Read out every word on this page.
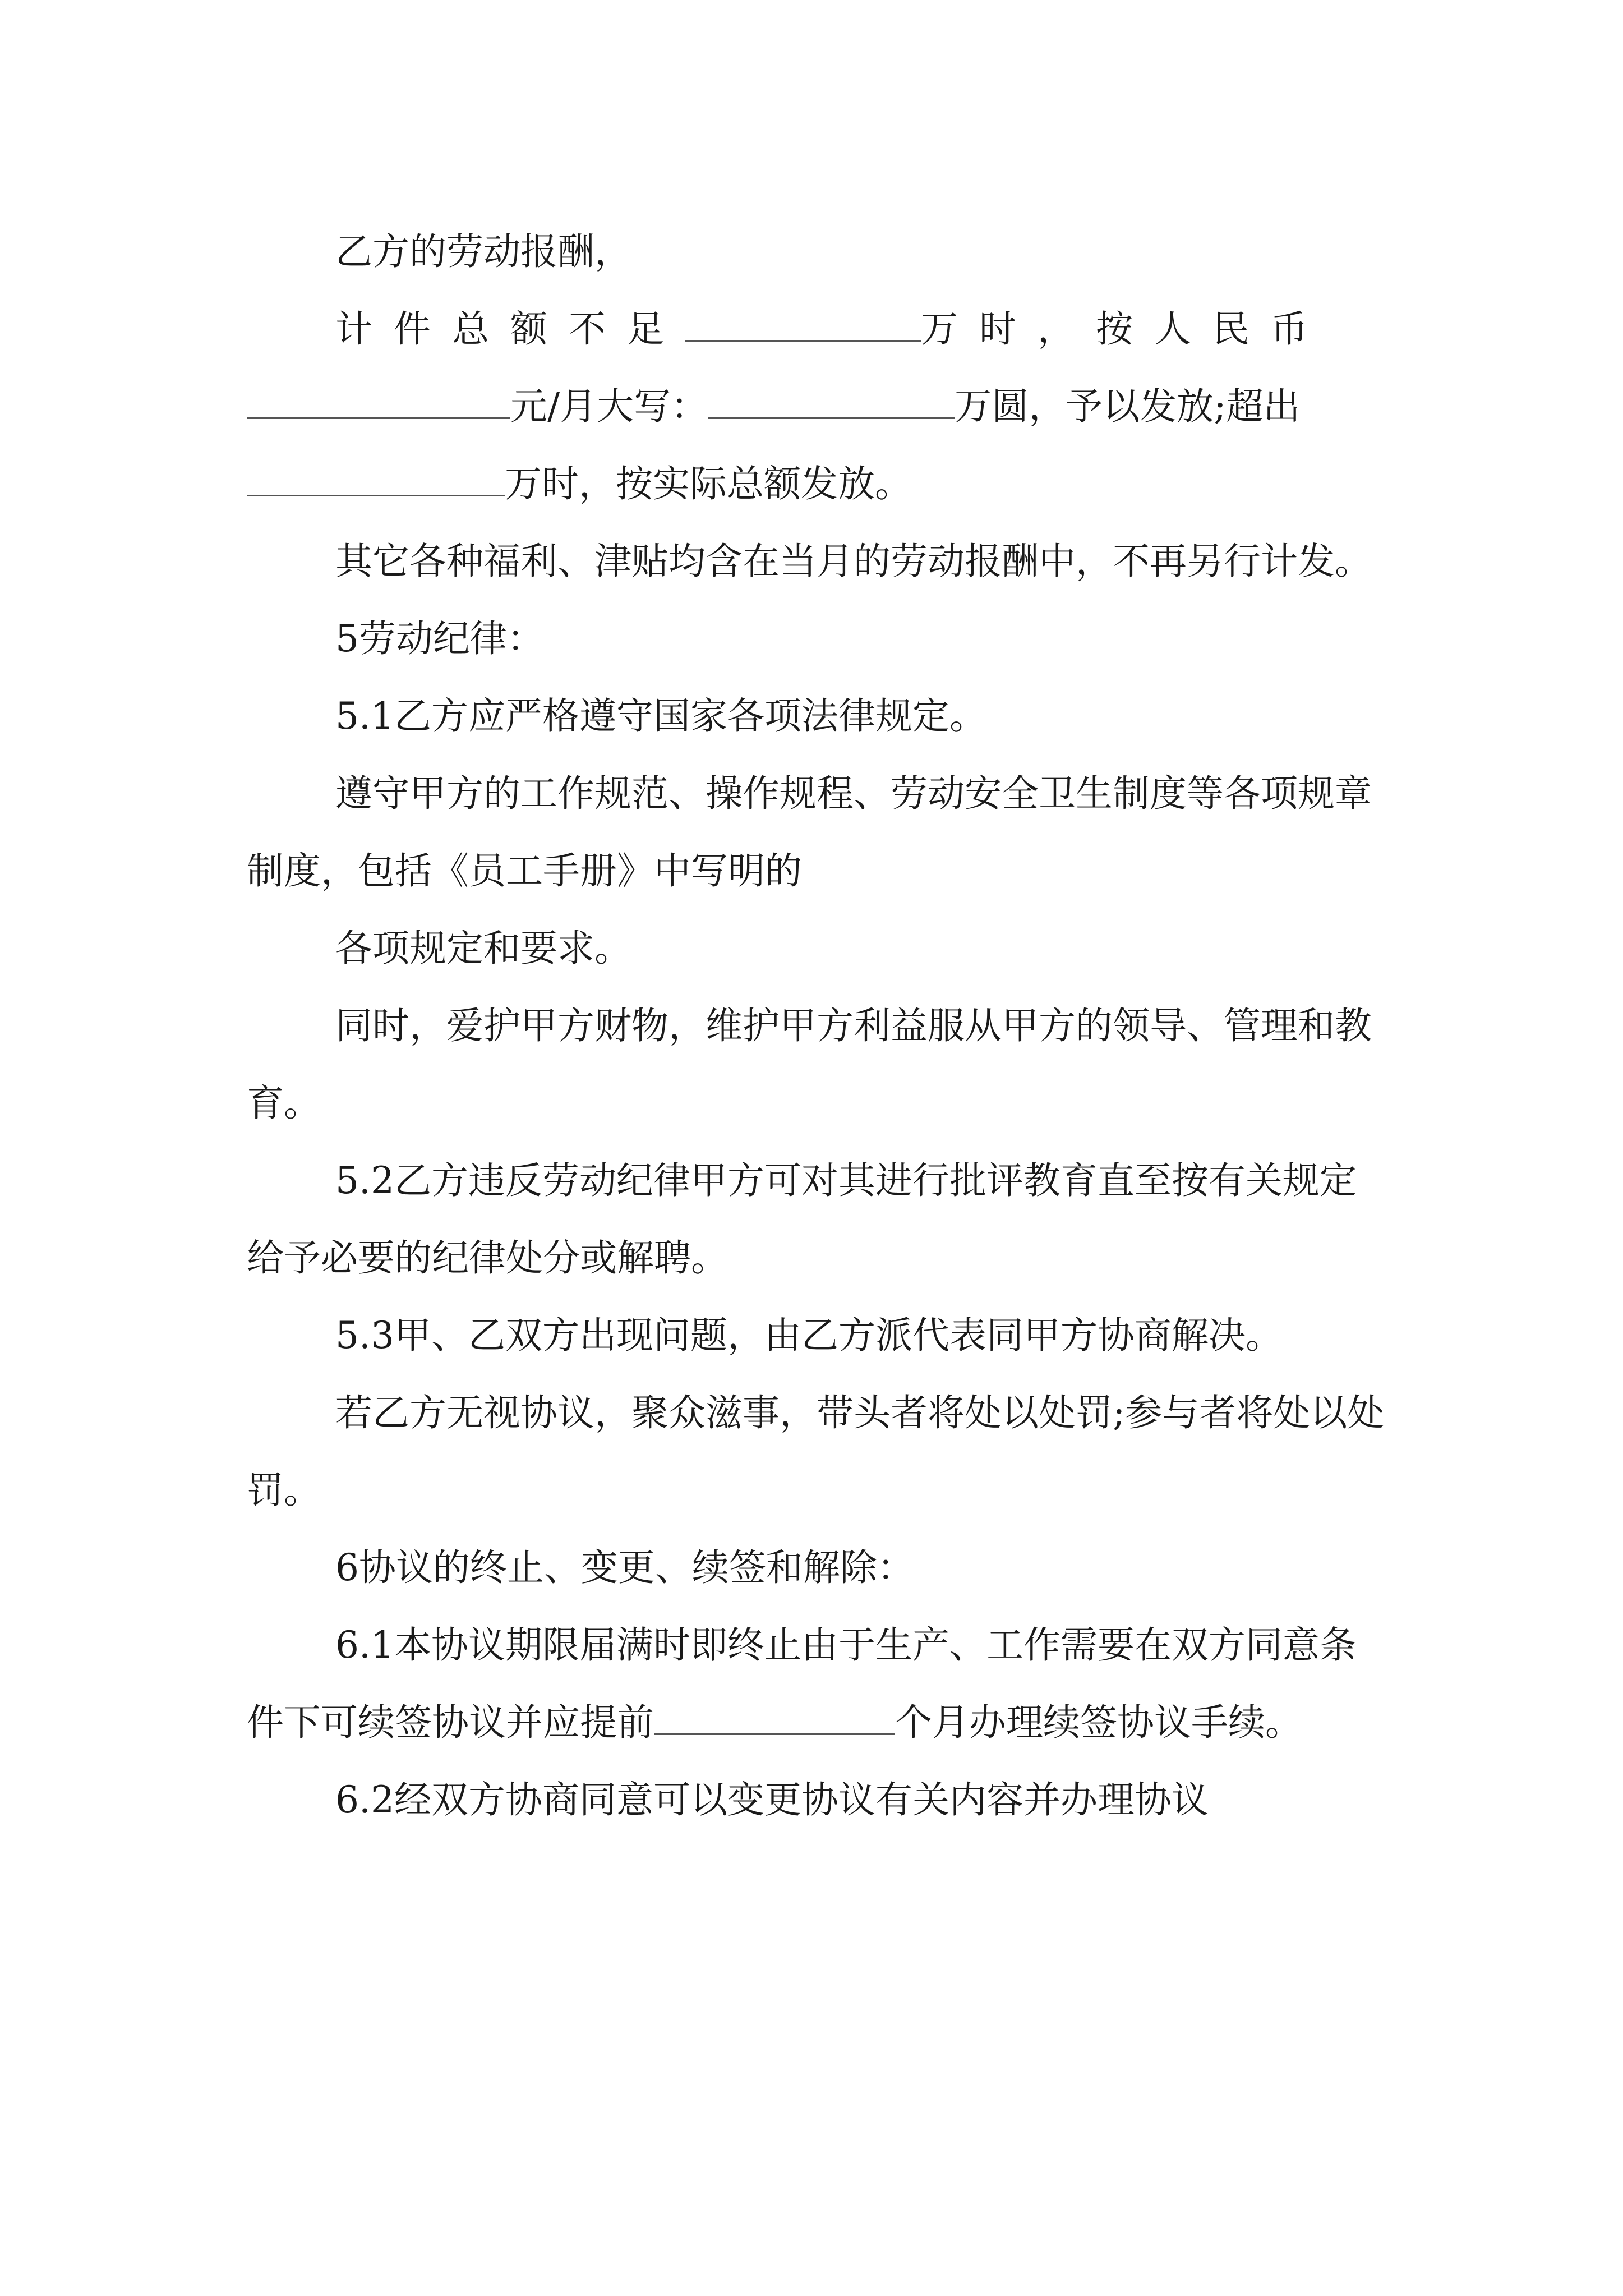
乙方的劳动报酬，

计件总额不足	万时，按人民币
元/月大写：	万圆，予以发放;超出万时，按实际总额发放。

其它各种福利、津贴均含在当月的劳动报酬中，不再另行计发。

5劳动纪律：

5.1乙方应严格遵守国家各项法律规定。

遵守甲方的工作规范、操作规程、劳动安全卫生制度等各项规章制度，包括《员工手册》中写明的

各项规定和要求。

同时，爱护甲方财物，维护甲方利益服从甲方的领导、管理和教育。

5.2乙方违反劳动纪律甲方可对其进行批评教育直至按有关规定给予必要的纪律处分或解聘。

5.3甲、乙双方出现问题，由乙方派代表同甲方协商解决。

若乙方无视协议，聚众滋事，带头者将处以处罚;参与者将处以处罚。

6协议的终止、变更、续签和解除：

6.1本协议期限届满时即终止由于生产、工作需要在双方同意条件下可续签协议并应提前	个月办理续签协议手续。

6.2经双方协商同意可以变更协议有关内容并办理协议
